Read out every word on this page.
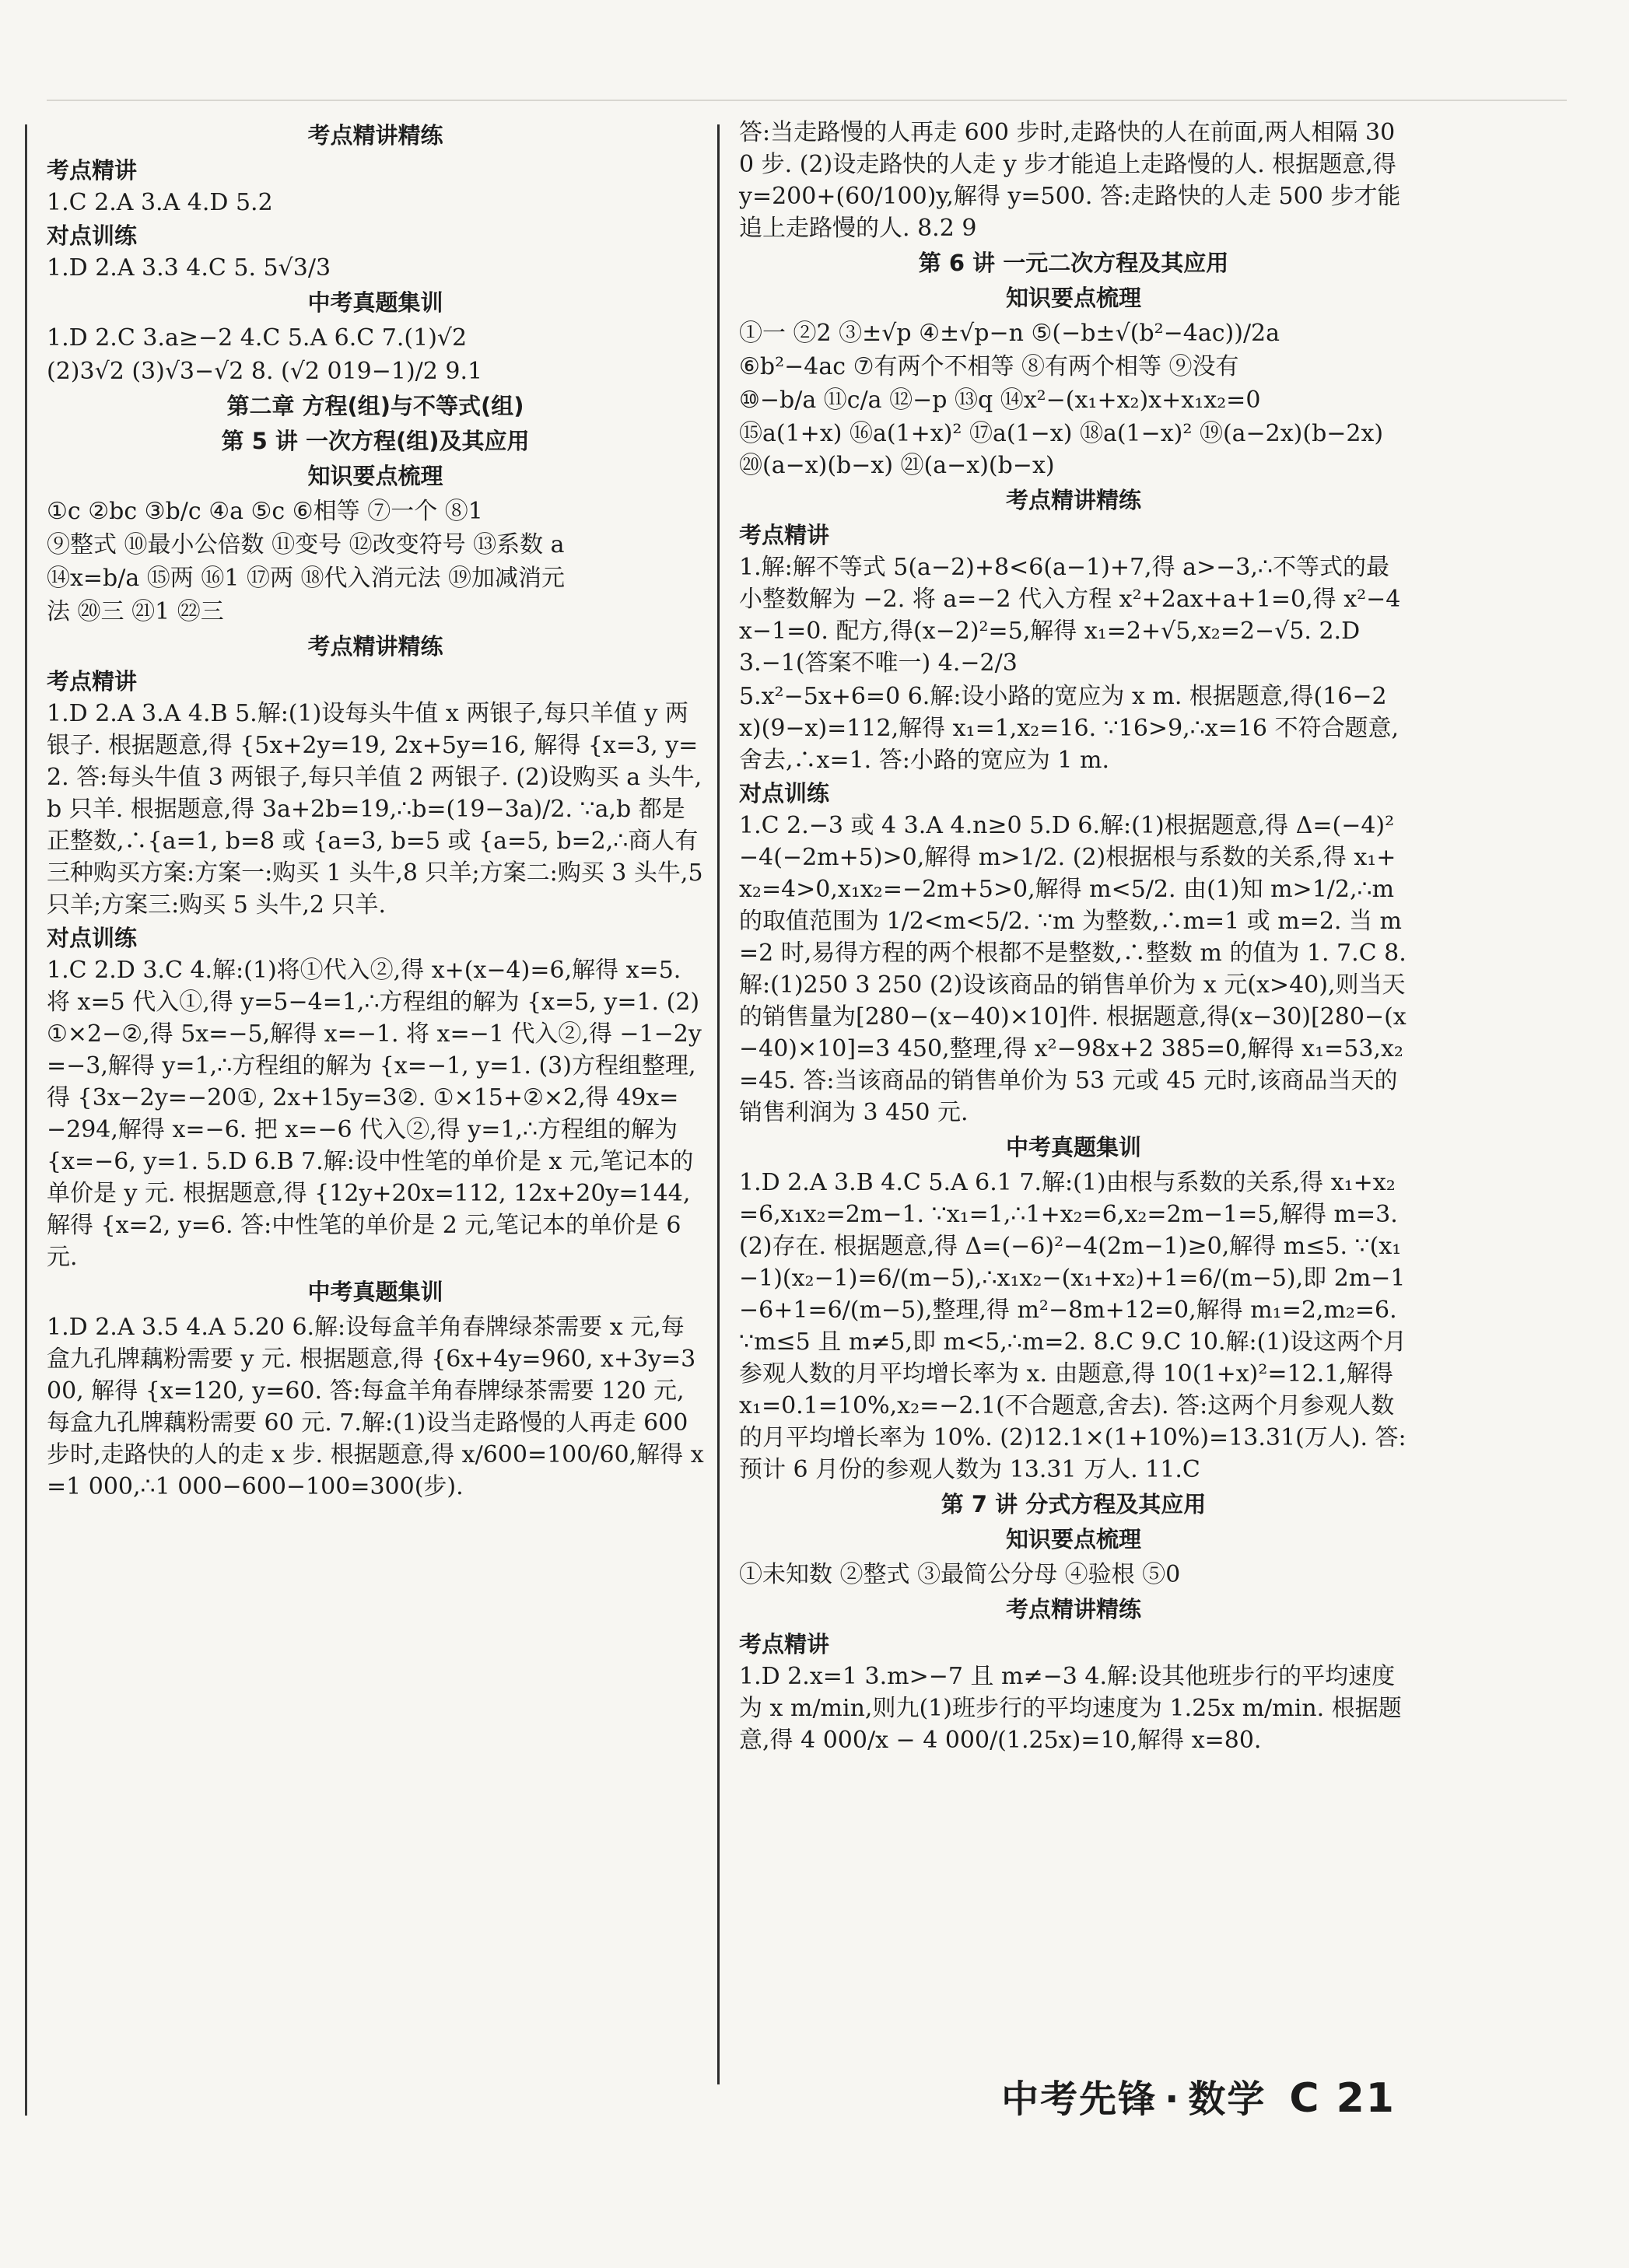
考点精讲精练

考点精讲

1.C 2.A 3.A 4.D 5.2

对点训练

1.D 2.A 3.3 4.C 5. 5√3/3

中考真题集训

1.D 2.C 3.a≥−2 4.C 5.A 6.C 7.(1)√2

(2)3√2 (3)√3−√2 8. (√2 019−1)/2 9.1

第二章 方程(组)与不等式(组)

第 5 讲 一次方程(组)及其应用

知识要点梳理

①c ②bc ③b/c ④a ⑤c ⑥相等 ⑦一个 ⑧1

⑨整式 ⑩最小公倍数 ⑪变号 ⑫改变符号 ⑬系数 a

⑭x=b/a ⑮两 ⑯1 ⑰两 ⑱代入消元法 ⑲加减消元

法 ⑳三 ㉑1 ㉒三

考点精讲精练

考点精讲

1.D 2.A 3.A 4.B 5.解:(1)设每头牛值 x 两银子,每只羊值 y 两银子. 根据题意,得 {5x+2y=19, 2x+5y=16, 解得 {x=3, y=2. 答:每头牛值 3 两银子,每只羊值 2 两银子. (2)设购买 a 头牛,b 只羊. 根据题意,得 3a+2b=19,∴b=(19−3a)/2. ∵a,b 都是正整数,∴{a=1, b=8 或 {a=3, b=5 或 {a=5, b=2,∴商人有三种购买方案:方案一:购买 1 头牛,8 只羊;方案二:购买 3 头牛,5 只羊;方案三:购买 5 头牛,2 只羊.

对点训练

1.C 2.D 3.C 4.解:(1)将①代入②,得 x+(x−4)=6,解得 x=5. 将 x=5 代入①,得 y=5−4=1,∴方程组的解为 {x=5, y=1. (2)①×2−②,得 5x=−5,解得 x=−1. 将 x=−1 代入②,得 −1−2y=−3,解得 y=1,∴方程组的解为 {x=−1, y=1. (3)方程组整理,得 {3x−2y=−20①, 2x+15y=3②. ①×15+②×2,得 49x=−294,解得 x=−6. 把 x=−6 代入②,得 y=1,∴方程组的解为 {x=−6, y=1. 5.D 6.B 7.解:设中性笔的单价是 x 元,笔记本的单价是 y 元. 根据题意,得 {12y+20x=112, 12x+20y=144, 解得 {x=2, y=6. 答:中性笔的单价是 2 元,笔记本的单价是 6 元.

中考真题集训

1.D 2.A 3.5 4.A 5.20 6.解:设每盒羊角春牌绿茶需要 x 元,每盒九孔牌藕粉需要 y 元. 根据题意,得 {6x+4y=960, x+3y=300, 解得 {x=120, y=60. 答:每盒羊角春牌绿茶需要 120 元,每盒九孔牌藕粉需要 60 元. 7.解:(1)设当走路慢的人再走 600 步时,走路快的人的走 x 步. 根据题意,得 x/600=100/60,解得 x=1 000,∴1 000−600−100=300(步).

答:当走路慢的人再走 600 步时,走路快的人在前面,两人相隔 300 步. (2)设走路快的人走 y 步才能追上走路慢的人. 根据题意,得 y=200+(60/100)y,解得 y=500. 答:走路快的人走 500 步才能追上走路慢的人. 8.2 9

第 6 讲 一元二次方程及其应用

知识要点梳理

①一 ②2 ③±√p ④±√p−n ⑤(−b±√(b²−4ac))/2a

⑥b²−4ac ⑦有两个不相等 ⑧有两个相等 ⑨没有

⑩−b/a ⑪c/a ⑫−p ⑬q ⑭x²−(x₁+x₂)x+x₁x₂=0

⑮a(1+x) ⑯a(1+x)² ⑰a(1−x) ⑱a(1−x)² ⑲(a−2x)(b−2x) ⑳(a−x)(b−x) ㉑(a−x)(b−x)

考点精讲精练

考点精讲

1.解:解不等式 5(a−2)+8<6(a−1)+7,得 a>−3,∴不等式的最小整数解为 −2. 将 a=−2 代入方程 x²+2ax+a+1=0,得 x²−4x−1=0. 配方,得(x−2)²=5,解得 x₁=2+√5,x₂=2−√5. 2.D 3.−1(答案不唯一) 4.−2/3

5.x²−5x+6=0 6.解:设小路的宽应为 x m. 根据题意,得(16−2x)(9−x)=112,解得 x₁=1,x₂=16. ∵16>9,∴x=16 不符合题意,舍去,∴x=1. 答:小路的宽应为 1 m.

对点训练

1.C 2.−3 或 4 3.A 4.n≥0 5.D 6.解:(1)根据题意,得 Δ=(−4)²−4(−2m+5)>0,解得 m>1/2. (2)根据根与系数的关系,得 x₁+x₂=4>0,x₁x₂=−2m+5>0,解得 m<5/2. 由(1)知 m>1/2,∴m 的取值范围为 1/2<m<5/2. ∵m 为整数,∴m=1 或 m=2. 当 m=2 时,易得方程的两个根都不是整数,∴整数 m 的值为 1. 7.C 8.解:(1)250 3 250 (2)设该商品的销售单价为 x 元(x>40),则当天的销售量为[280−(x−40)×10]件. 根据题意,得(x−30)[280−(x−40)×10]=3 450,整理,得 x²−98x+2 385=0,解得 x₁=53,x₂=45. 答:当该商品的销售单价为 53 元或 45 元时,该商品当天的销售利润为 3 450 元.

中考真题集训

1.D 2.A 3.B 4.C 5.A 6.1 7.解:(1)由根与系数的关系,得 x₁+x₂=6,x₁x₂=2m−1. ∵x₁=1,∴1+x₂=6,x₂=2m−1=5,解得 m=3. (2)存在. 根据题意,得 Δ=(−6)²−4(2m−1)≥0,解得 m≤5. ∵(x₁−1)(x₂−1)=6/(m−5),∴x₁x₂−(x₁+x₂)+1=6/(m−5),即 2m−1−6+1=6/(m−5),整理,得 m²−8m+12=0,解得 m₁=2,m₂=6. ∵m≤5 且 m≠5,即 m<5,∴m=2. 8.C 9.C 10.解:(1)设这两个月参观人数的月平均增长率为 x. 由题意,得 10(1+x)²=12.1,解得 x₁=0.1=10%,x₂=−2.1(不合题意,舍去). 答:这两个月参观人数的月平均增长率为 10%. (2)12.1×(1+10%)=13.31(万人). 答:预计 6 月份的参观人数为 13.31 万人. 11.C

第 7 讲 分式方程及其应用

知识要点梳理

①未知数 ②整式 ③最简公分母 ④验根 ⑤0

考点精讲精练

考点精讲

1.D 2.x=1 3.m>−7 且 m≠−3 4.解:设其他班步行的平均速度为 x m/min,则九(1)班步行的平均速度为 1.25x m/min. 根据题意,得 4 000/x − 4 000/(1.25x)=10,解得 x=80.

中考先锋 · 数学 C 21
